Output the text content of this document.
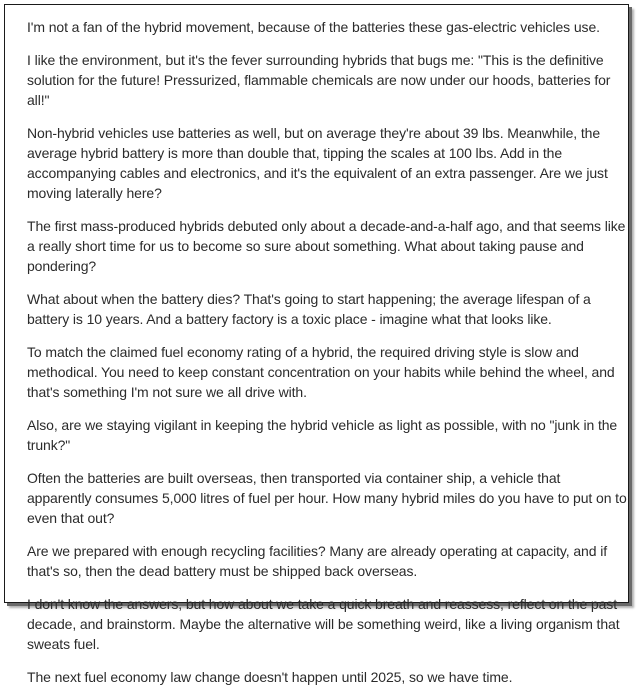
I'm not a fan of the hybrid movement, because of the batteries these gas-electric vehicles use.

I like the environment, but it's the fever surrounding hybrids that bugs me: "This is the definitive solution for the future! Pressurized, flammable chemicals are now under our hoods, batteries for all!"

Non-hybrid vehicles use batteries as well, but on average they're about 39 lbs. Meanwhile, the average hybrid battery is more than double that, tipping the scales at 100 lbs. Add in the accompanying cables and electronics, and it's the equivalent of an extra passenger. Are we just moving laterally here?

The first mass-produced hybrids debuted only about a decade-and-a-half ago, and that seems like a really short time for us to become so sure about something. What about taking pause and pondering?

What about when the battery dies? That's going to start happening; the average lifespan of a battery is 10 years. And a battery factory is a toxic place - imagine what that looks like.

To match the claimed fuel economy rating of a hybrid, the required driving style is slow and methodical. You need to keep constant concentration on your habits while behind the wheel, and that's something I'm not sure we all drive with.

Also, are we staying vigilant in keeping the hybrid vehicle as light as possible, with no "junk in the trunk?"

Often the batteries are built overseas, then transported via container ship, a vehicle that apparently consumes 5,000 litres of fuel per hour. How many hybrid miles do you have to put on to even that out?

Are we prepared with enough recycling facilities? Many are already operating at capacity, and if that's so, then the dead battery must be shipped back overseas.

I don't know the answers, but how about we take a quick breath and reassess, reflect on the past decade, and brainstorm. Maybe the alternative will be something weird, like a living organism that sweats fuel.

The next fuel economy law change doesn't happen until 2025, so we have time.
